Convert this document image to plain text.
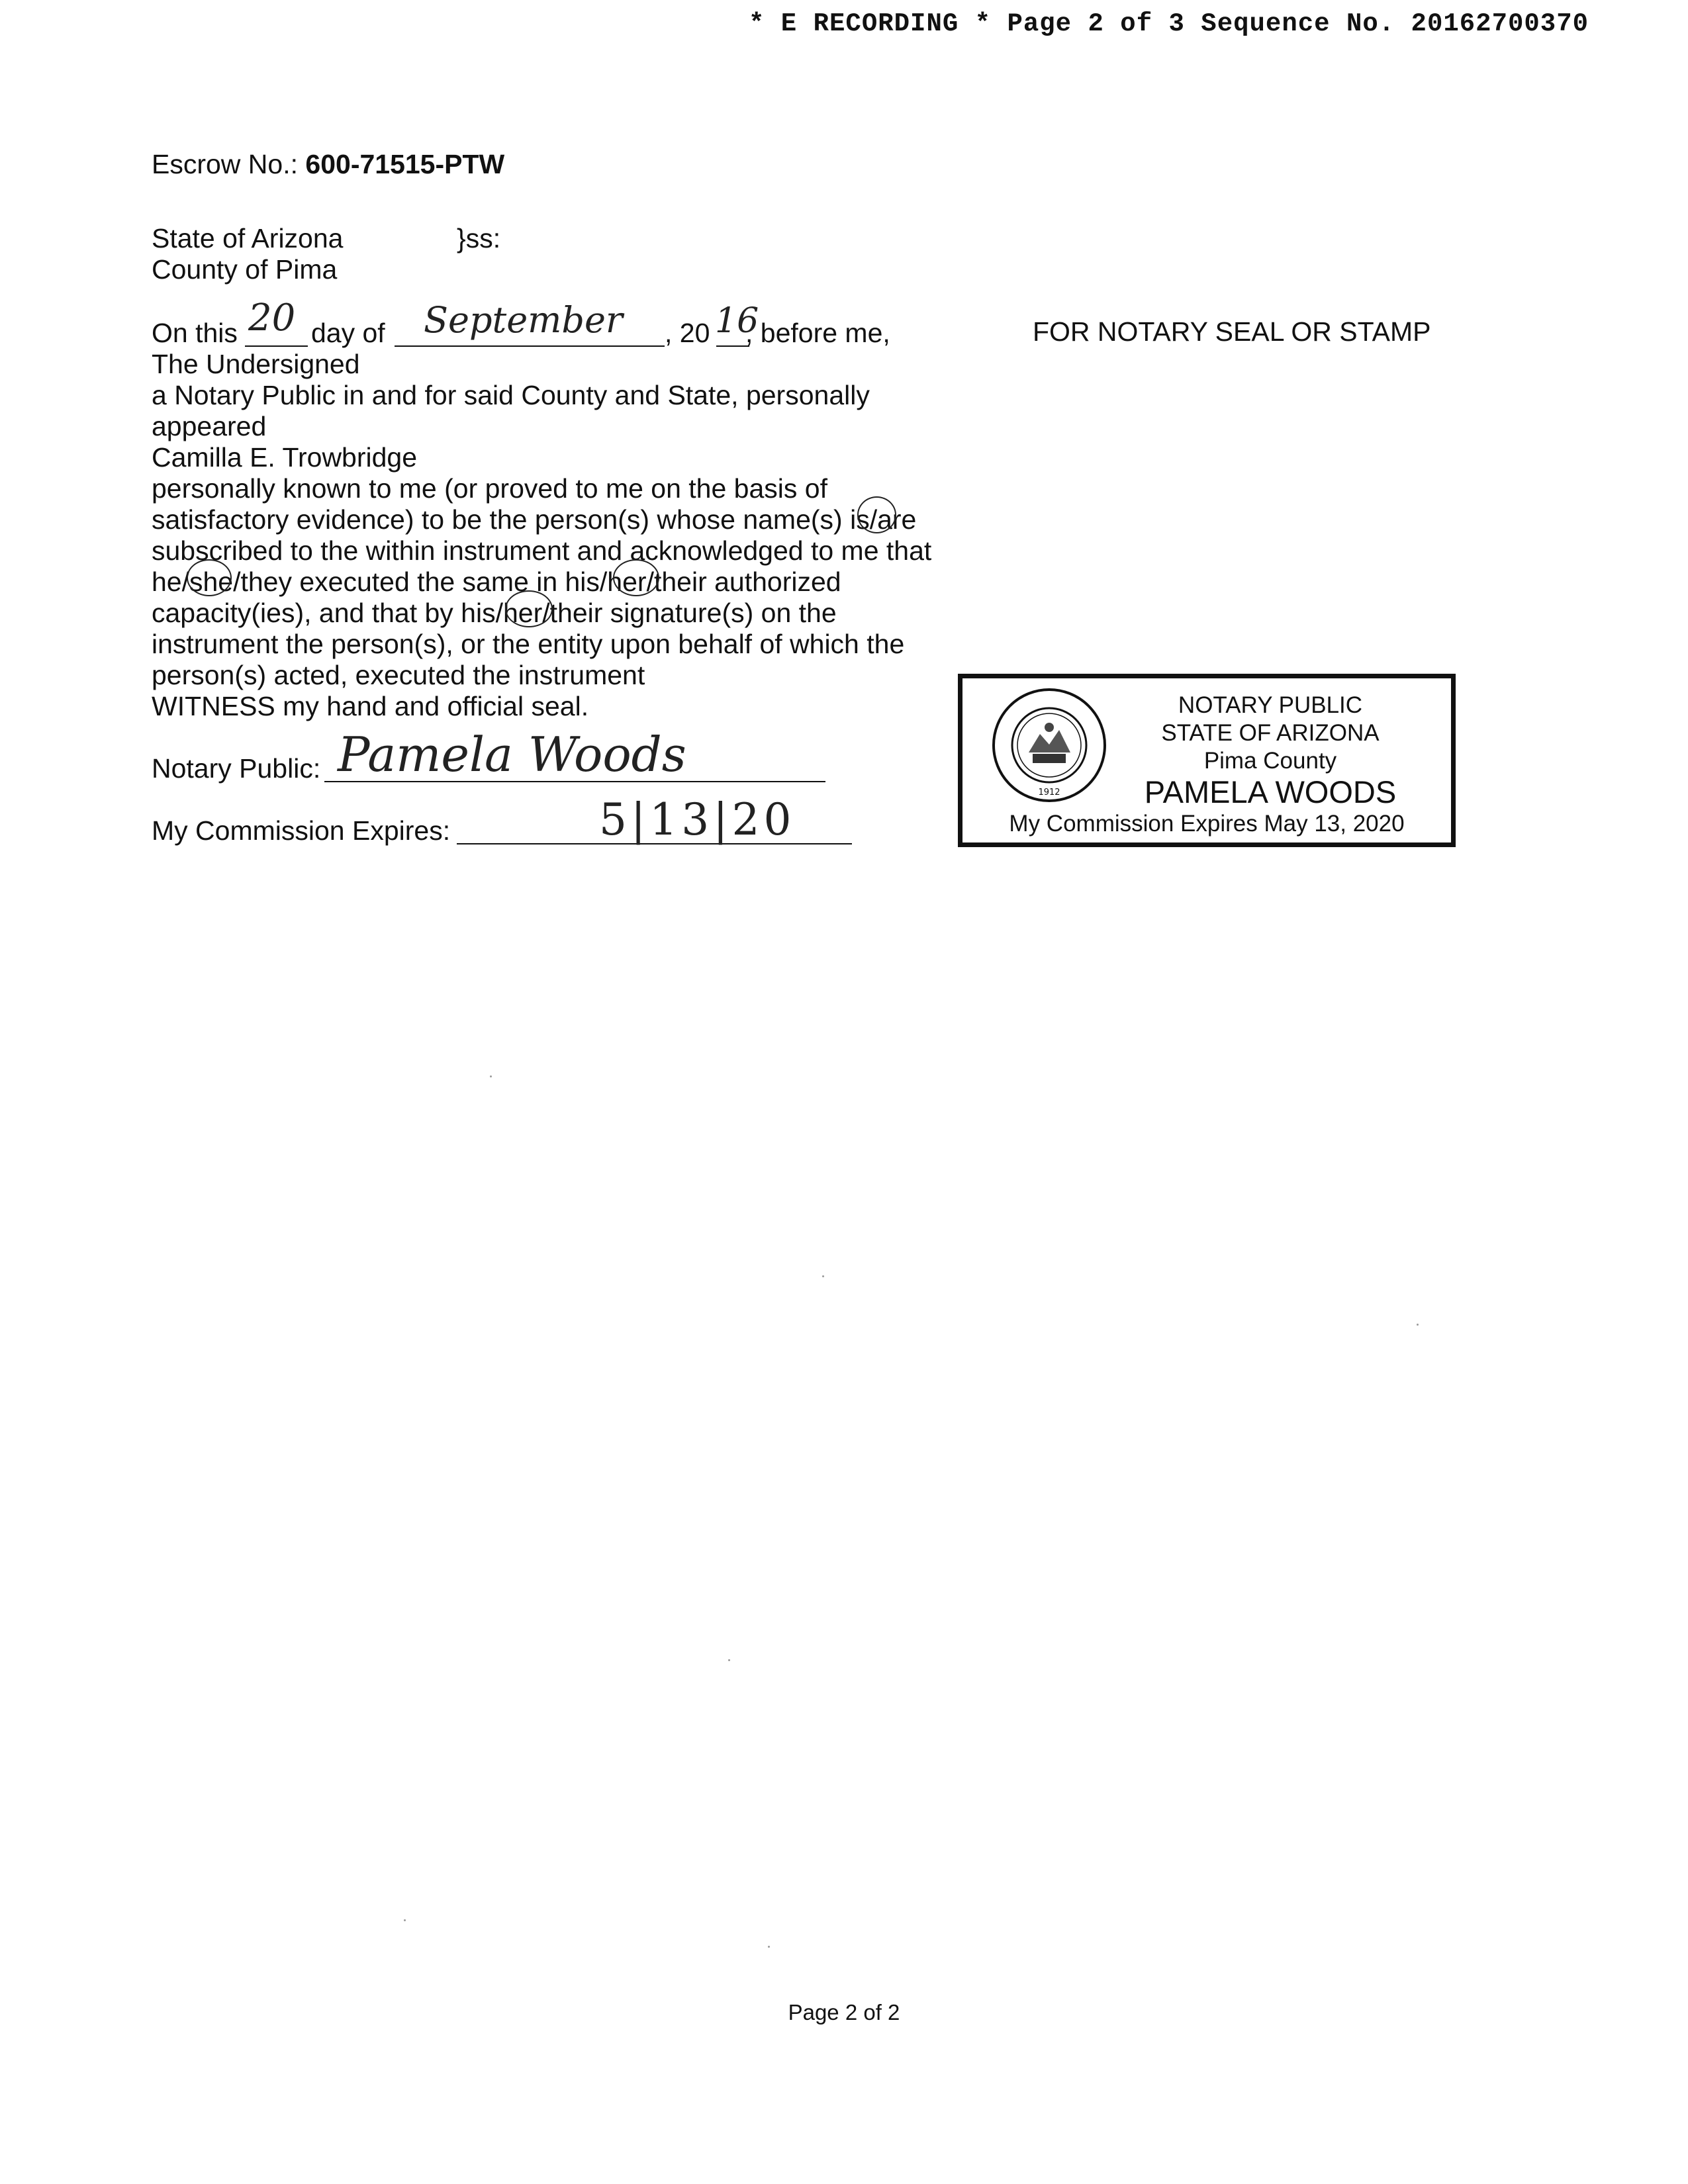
* E RECORDING * Page 2 of 3 Sequence No. 20162700370
Escrow No.: 600-71515-PTW
State of Arizona	}ss:
County of Pima
On this 20 day of September , 20 16
, before me,	FOR NOTARY SEAL OR STAMP
The Undersigned
a Notary Public in and for said County and State, personally
appeared
Camilla E. Trowbridge
personally known to me (or proved to me on the basis of
satisfactory evidence) to be the person(s) whose name(s) is/are
subscribed to the within instrument and acknowledged to me that
he/she/they executed the same in his/her/their authorized
capacity(ies), and that by his/her/their signature(s) on the
instrument the person(s), or the entity upon behalf of which the
person(s) acted, executed the instrument
WITNESS my hand and official seal.
Notary Public: Pamela Woods
My Commission Expires:	5|13|20
1912
NOTARY PUBLIC
STATE OF ARIZONA
Pima County
PAMELA WOODS
My Commission Expires May 13, 2020
Page 2 of 2
